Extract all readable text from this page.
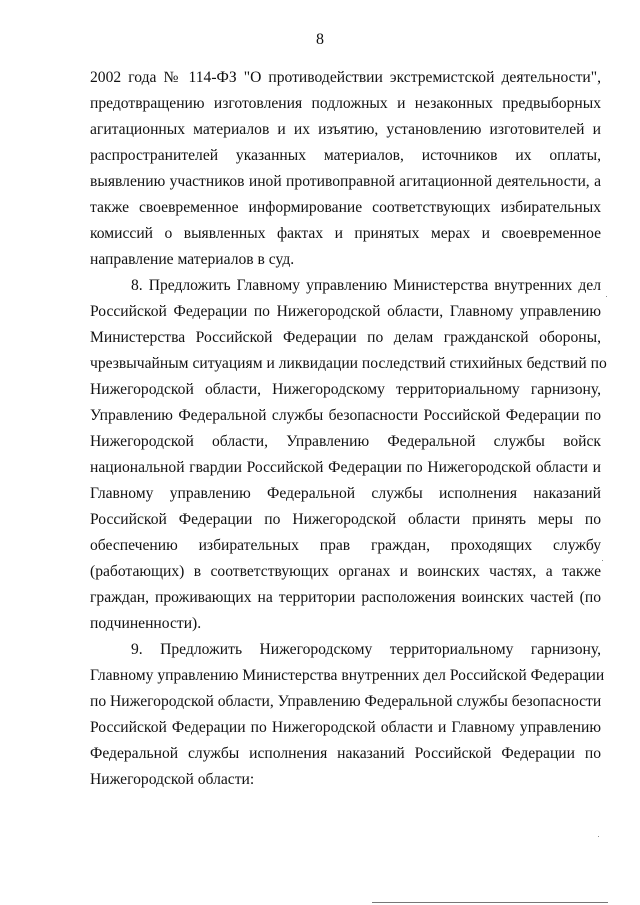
8
2002 года № 114-ФЗ "О противодействии экстремистской деятельности",
предотвращению изготовления подложных и незаконных предвыборных
агитационных материалов и их изъятию, установлению изготовителей и
распространителей указанных материалов, источников их оплаты,
выявлению участников иной противоправной агитационной деятельности, а
также своевременное информирование соответствующих избирательных
комиссий о выявленных фактах и принятых мерах и своевременное
направление материалов в суд.
8. Предложить Главному управлению Министерства внутренних дел
Российской Федерации по Нижегородской области, Главному управлению
Министерства Российской Федерации по делам гражданской обороны,
чрезвычайным ситуациям и ликвидации последствий стихийных бедствий по
Нижегородской области, Нижегородскому территориальному гарнизону,
Управлению Федеральной службы безопасности Российской Федерации по
Нижегородской области, Управлению Федеральной службы войск
национальной гвардии Российской Федерации по Нижегородской области и
Главному управлению Федеральной службы исполнения наказаний
Российской Федерации по Нижегородской области принять меры по
обеспечению избирательных прав граждан, проходящих службу
(работающих) в соответствующих органах и воинских частях, а также
граждан, проживающих на территории расположения воинских частей (по
подчиненности).
9. Предложить Нижегородскому территориальному гарнизону,
Главному управлению Министерства внутренних дел Российской Федерации
по Нижегородской области, Управлению Федеральной службы безопасности
Российской Федерации по Нижегородской области и Главному управлению
Федеральной службы исполнения наказаний Российской Федерации по
Нижегородской области:
